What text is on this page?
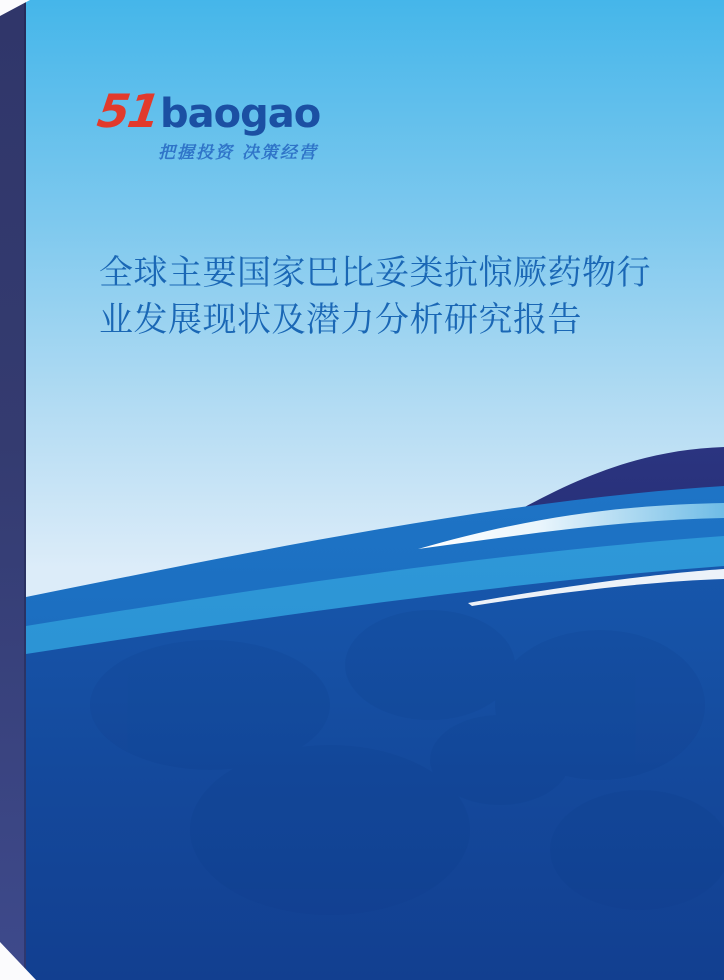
51
baogao
把握投资 决策经营
全球主要国家巴比妥类抗惊厥药物行
业发展现状及潜力分析研究报告
